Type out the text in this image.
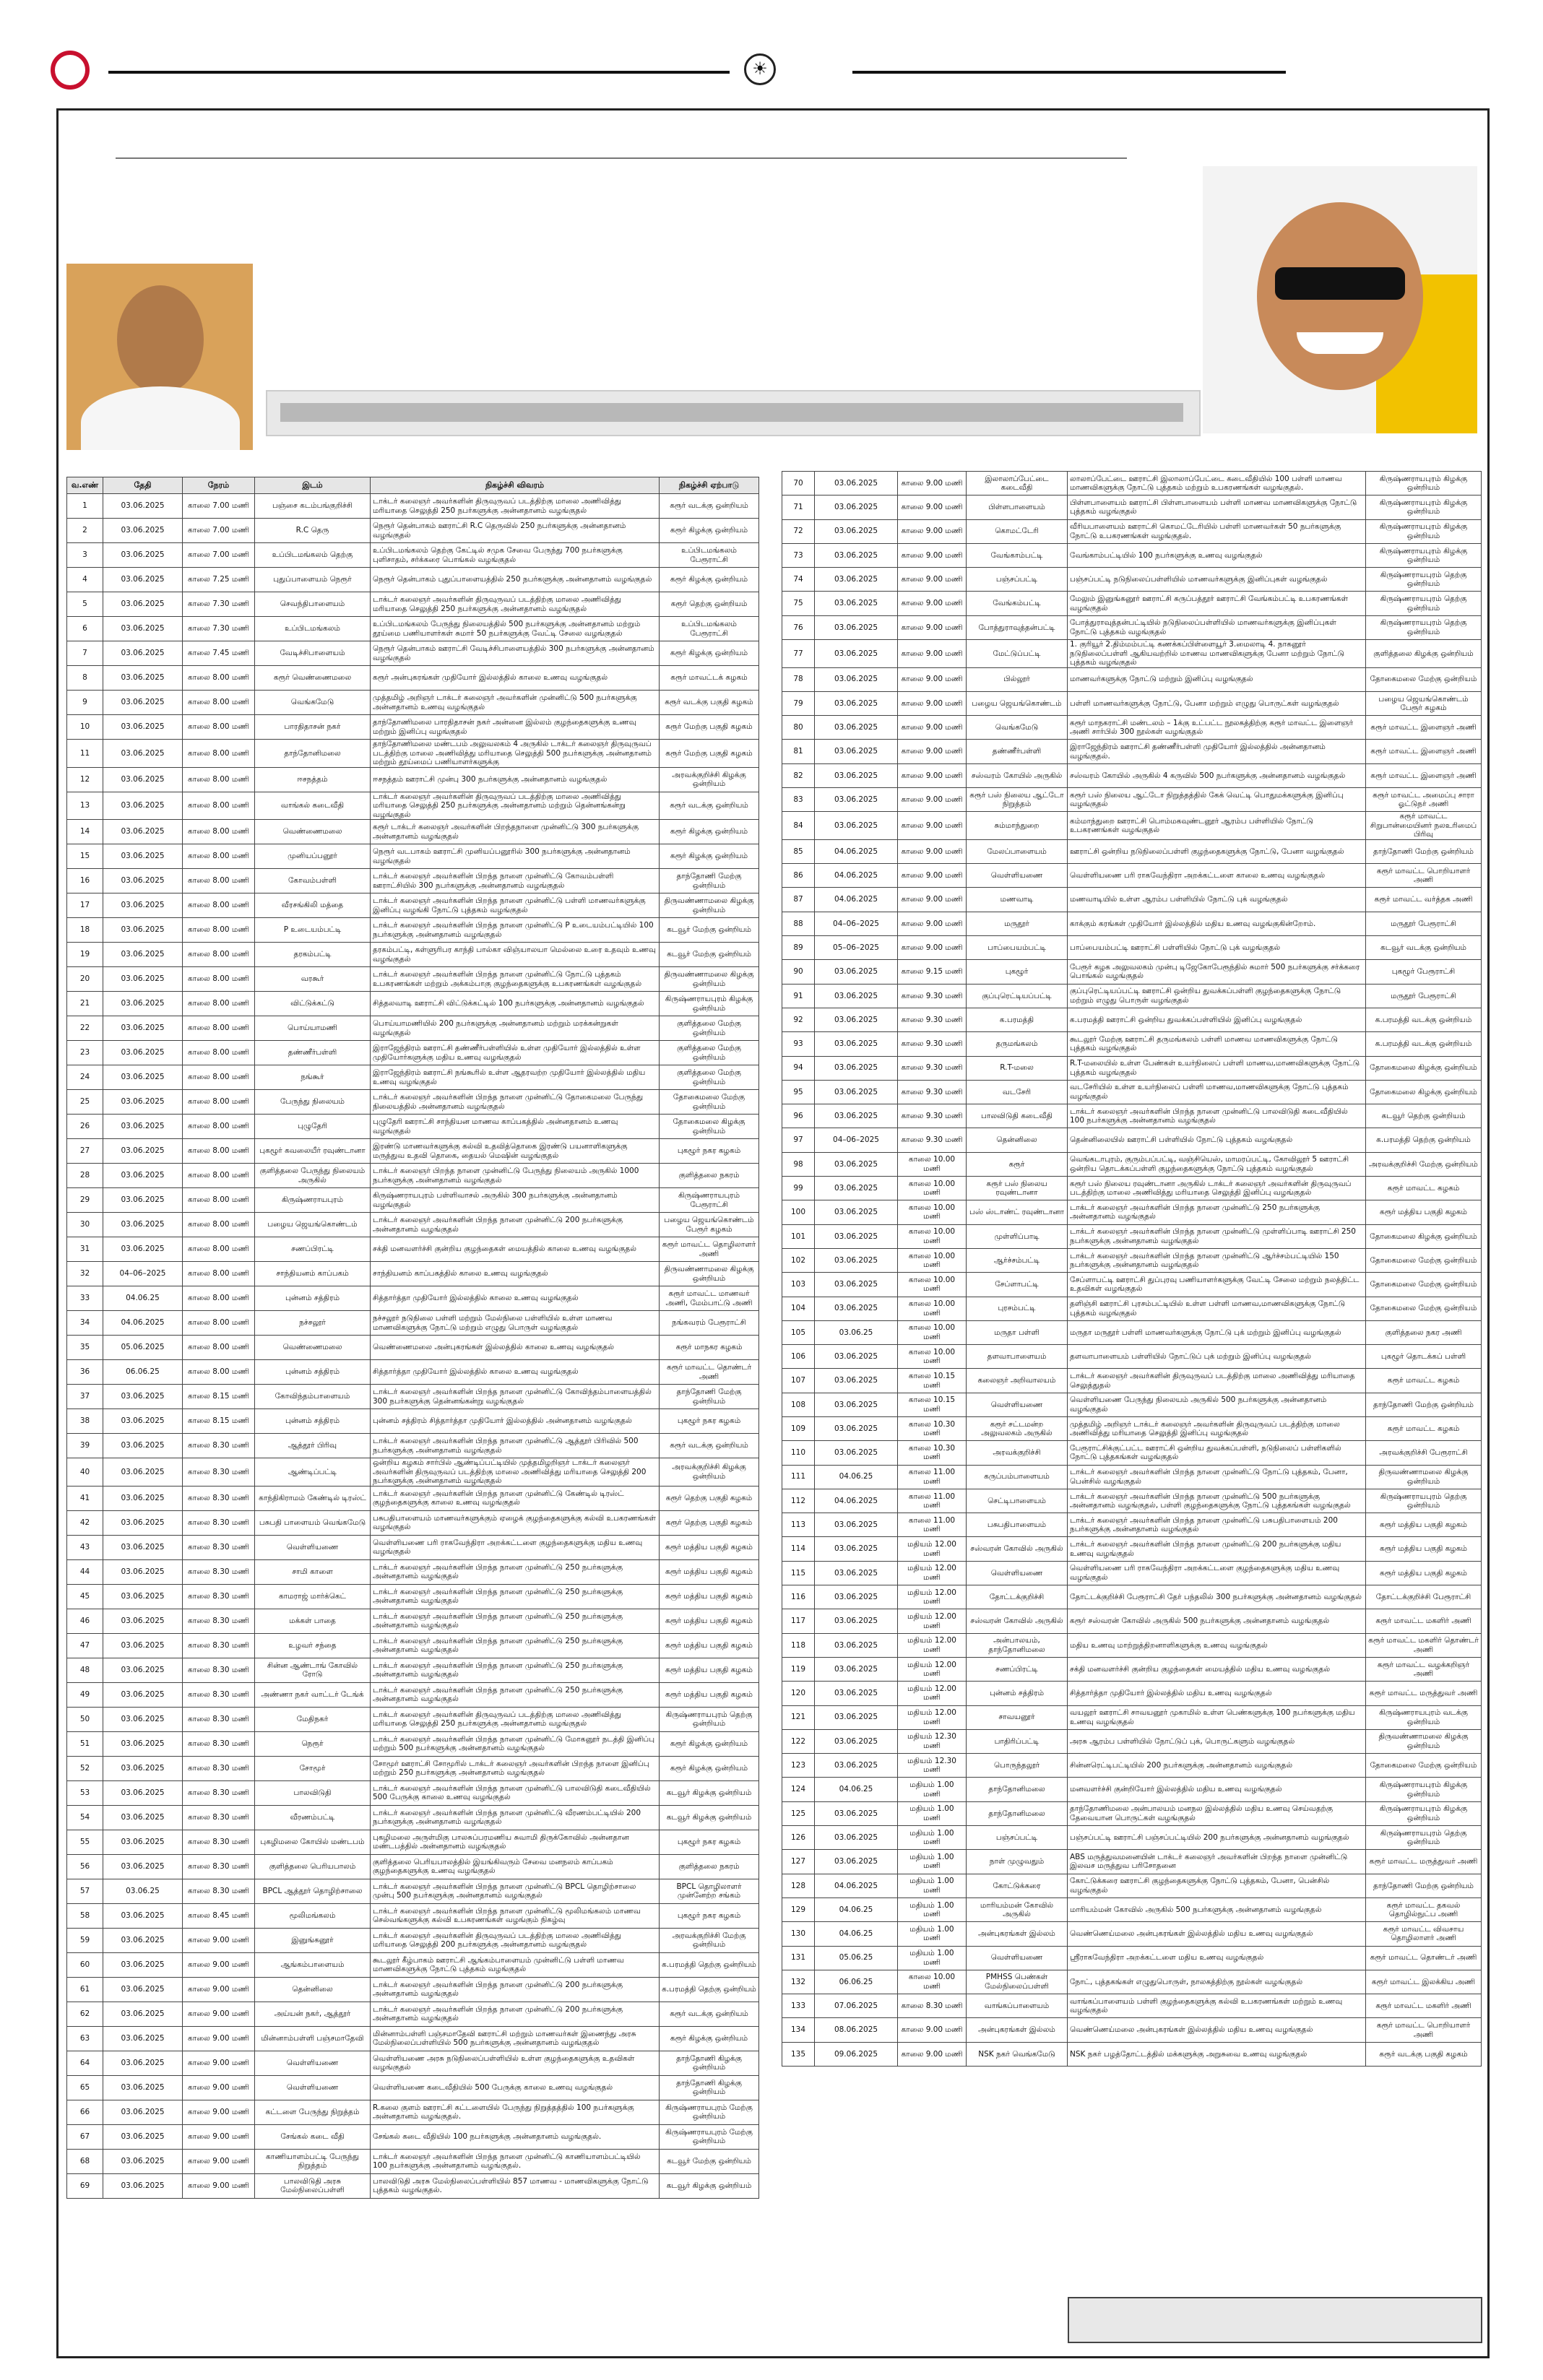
☀
வ.எண்	தேதி	நேரம்	இடம்	நிகழ்ச்சி விவரம்	நிகழ்ச்சி ஏற்பாடு
1	03.06.2025	காலை 7.00 மணி	பஞ்சை கடம்பங்குறிச்சி	டாக்டர் கலைஞர் அவர்களின் திருவுருவப் படத்திற்கு மாலை அணிவித்து மரியாதை செலுத்தி 250 நபர்களுக்கு அன்னதானம் வழங்குதல்	கரூர் வடக்கு ஒன்றியம்
2	03.06.2025	காலை 7.00 மணி	R.C தெரு	நெரூர் தென்பாகம் ஊராட்சி R.C தெருவில் 250 நபர்களுக்கு அன்னதானம் வழங்குதல்	கரூர் கிழக்கு ஒன்றியம்
3	03.06.2025	காலை 7.00 மணி	உப்பிடமங்கலம் தெற்கு	உப்பிடமங்கலம் தெற்கு கேட்டில் சமுக சேவை பேருந்து 700 நபர்களுக்கு புளிசாதம், சர்க்கரை பொங்கல் வழங்குதல்	உப்பிடமங்கலம் பேரூராட்சி
4	03.06.2025	காலை 7.25 மணி	புதுப்பாளையம் நெரூர்	நெரூர் தென்பாகம் புதுப்பாளையத்தில் 250 நபர்களுக்கு அன்னதானம் வழங்குதல்	கரூர் கிழக்கு ஒன்றியம்
5	03.06.2025	காலை 7.30 மணி	செவந்திபாளையம்	டாக்டர் கலைஞர் அவர்களின் திருவுருவப் படத்திற்கு மாலை அணிவித்து மரியாதை செலுத்தி 250 நபர்களுக்கு அன்னதானம் வழங்குதல்	கரூர் தெற்கு ஒன்றியம்
6	03.06.2025	காலை 7.30 மணி	உப்பிடமங்கலம்	உப்பிடமங்கலம் பேருந்து நிலையத்தில் 500 நபர்களுக்கு அன்னதானம் மற்றும் தூய்மை பணியாளர்கள் சுமார் 50 நபர்களுக்கு வேட்டி சேலை வழங்குதல்	உப்பிடமங்கலம் பேரூராட்சி
7	03.06.2025	காலை 7.45 மணி	வேடிச்சிபாளையம்	நெரூர் தென்பாகம் ஊராட்சி வேடிச்சிபாளையத்தில் 300 நபர்களுக்கு அன்னதானம் வழங்குதல்	கரூர் கிழக்கு ஒன்றியம்
8	03.06.2025	காலை 8.00 மணி	கரூர் வெண்ணைமலை	கரூர் அன்புகரங்கள் முதியோர் இல்லத்தில் காலை உணவு வழங்குதல்	கரூர் மாவட்டக் கழகம்
9	03.06.2025	காலை 8.00 மணி	வெங்கமேடு	முத்தமிழ் அறிஞர் டாக்டர் கலைஞர் அவர்களின் முன்னிட்டு 500 நபர்களுக்கு அன்னதானம் உணவு வழங்குதல்	கரூர் வடக்கு பகுதி கழகம்
10	03.06.2025	காலை 8.00 மணி	பாரதிதாசன் நகர்	தாந்தோணிமலை பாரதிதாசன் நகர் அன்னை இல்லம் குழந்தைகளுக்கு உணவு மற்றும் இனிப்பு வழங்குதல்	கரூர் மேற்கு பகுதி கழகம்
11	03.06.2025	காலை 8.00 மணி	தாந்தோனிமலை	தாந்தோணிமலை மண்டபம் அலுவலகம் 4 அருகில் டாக்டர் கலைஞர் திருவுருவப் படத்திற்கு மாலை அணிவித்து மரியாதை செலுத்தி 500 நபர்களுக்கு அன்னதானம் மற்றும் தூய்மைப் பணியாளர்களுக்கு	கரூர் மேற்கு பகுதி கழகம்
12	03.06.2025	காலை 8.00 மணி	ஈசநத்தம்	ஈசநத்தம் ஊராட்சி முன்பு 300 நபர்களுக்கு அன்னதானம் வழங்குதல்	அரவக்குறிச்சி கிழக்கு ஒன்றியம்
13	03.06.2025	காலை 8.00 மணி	வாங்கல் கடைவீதி	டாக்டர் கலைஞர் அவர்களின் திருவுருவப் படத்திற்கு மாலை அணிவித்து மரியாதை செலுத்தி 250 நபர்களுக்கு அன்னதானம் மற்றும் தென்னங்கன்று வழங்குதல்	கரூர் வடக்கு ஒன்றியம்
14	03.06.2025	காலை 8.00 மணி	வெண்ணைமலை	கரூர் டாக்டர் கலைஞர் அவர்களின் பிறந்தநாளை முன்னிட்டு 300 நபர்களுக்கு அன்னதானம் வழங்குதல்	கரூர் கிழக்கு ஒன்றியம்
15	03.06.2025	காலை 8.00 மணி	முனியப்பனூர்	நெரூர் வடபாகம் ஊராட்சி முனியப்பனூரில் 300 நபர்களுக்கு அன்னதானம் வழங்குதல்	கரூர் கிழக்கு ஒன்றியம்
16	03.06.2025	காலை 8.00 மணி	கோவம்பள்ளி	டாக்டர் கலைஞர் அவர்களின் பிறந்த நாளை முன்னிட்டு கோவம்பள்ளி ஊராட்சியில் 300 நபர்களுக்கு அன்னதானம் வழங்குதல்	தாந்தோணி மேற்கு ஒன்றியம்
17	03.06.2025	காலை 8.00 மணி	வீரசங்கிலி மத்தை	டாக்டர் கலைஞர் அவர்களின் பிறந்த நாளை முன்னிட்டு பள்ளி மாணவர்களுக்கு இனிப்பு வழங்கி நோட்டு புத்தகம் வழங்குதல்	திருவண்ணாமலை கிழக்கு ஒன்றியம்
18	03.06.2025	காலை 8.00 மணி	P உடையம்பட்டி	டாக்டர் கலைஞர் அவர்களின் பிறந்த நாளை முன்னிட்டு P உடையம்பட்டியில் 100 நபர்களுக்கு அன்னதானம் வழங்குதல்	கடவூர் மேற்கு ஒன்றியம்
19	03.06.2025	காலை 8.00 மணி	தரகம்பட்டி	தரகம்பட்டி, கள்ளுரிபர காந்தி பால்கா விஞ்யாலயா மெல்லை உரை உதவும் உணவு வழங்குதல்	கடவூர் மேற்கு ஒன்றியம்
20	03.06.2025	காலை 8.00 மணி	வரகூர்	டாக்டர் கலைஞர் அவர்களின் பிறந்த நாளை முன்னிட்டு நோட்டு புத்தகம் உபகரணங்கள் மற்றும் அக்கம்பாகு குழந்தைகளுக்கு உபகரணங்கள் வழங்குதல்	திருவண்ணாமலை கிழக்கு ஒன்றியம்
21	03.06.2025	காலை 8.00 மணி	விட்டுக்கட்டு	சித்தலவாடி ஊராட்சி விட்டுக்கட்டில் 100 நபர்களுக்கு அன்னதானம் வழங்குதல்	கிருஷ்ணராயபுரம் கிழக்கு ஒன்றியம்
22	03.06.2025	காலை 8.00 மணி	பொய்யாமணி	பொய்யாமணியில் 200 நபர்களுக்கு அன்னதானம் மற்றும் மரக்கன்றுகள் வழங்குதல்	குளித்தலை மேற்கு ஒன்றியம்
23	03.06.2025	காலை 8.00 மணி	தண்ணீர்பள்ளி	இராஜேந்திரம் ஊராட்சி தண்ணீர்பள்ளியில் உள்ள முதியோர் இல்லத்தில் உள்ள முதியோர்களுக்கு மதிய உணவு வழங்குதல்	குளித்தலை மேற்கு ஒன்றியம்
24	03.06.2025	காலை 8.00 மணி	நங்கூர்	இராஜேந்திரம் ஊராட்சி நங்கூரில் உள்ள ஆதரவற்ற முதியோர் இல்லத்தில் மதிய உணவு வழங்குதல்	குளித்தலை மேற்கு ஒன்றியம்
25	03.06.2025	காலை 8.00 மணி	பேருந்து நிலையம்	டாக்டர் கலைஞர் அவர்களின் பிறந்த நாளை முன்னிட்டு தோகைமலை பேருந்து நிலையத்தில் அன்னதானம் வழங்குதல்	தோகைமலை மேற்கு ஒன்றியம்
26	03.06.2025	காலை 8.00 மணி	புழுதேரி	புழுதேரி ஊராட்சி சாந்தியன மாணவ காப்பகத்தில் அன்னதானம் உணவு வழங்குதல்	தோகைமலை கிழக்கு ஒன்றியம்
27	03.06.2025	காலை 8.00 மணி	புகழூர் கவலையீர் ரவுண்டானா	இரண்டு மாணவர்களுக்கு கல்வி உதவித்தொகை இரண்டு பயனாளிகளுக்கு மருத்துவ உதவி தொகை, தையல் மெஷின் வழங்குதல்	புகழூர் நகர கழகம்
28	03.06.2025	காலை 8.00 மணி	குளித்தலை பேருந்து நிலையம் அருகில்	டாக்டர் கலைஞர் பிறந்த நாளை முன்னிட்டு பேருந்து நிலையம் அருகில் 1000 நபர்களுக்கு அன்னதானம் வழங்குதல்	குளித்தலை நகரம்
29	03.06.2025	காலை 8.00 மணி	கிருஷ்ணராயபுரம்	கிருஷ்ணராயபுரம் பள்ளிவாசல் அருகில் 300 நபர்களுக்கு அன்னதானம் வழங்குதல்	கிருஷ்ணராயபுரம் பேரூராட்சி
30	03.06.2025	காலை 8.00 மணி	பழைய ஜெயங்கொண்டம்	டாக்டர் கலைஞர் அவர்களின் பிறந்த நாளை முன்னிட்டு 200 நபர்களுக்கு அன்னதானம் வழங்குதல்	பழைய ஜெயங்கொண்டம் பேரூர் கழகம்
31	03.06.2025	காலை 8.00 மணி	சணப்பிரட்டி	சக்தி மனவளர்ச்சி குன்றிய குழந்தைகள் மையத்தில் காலை உணவு வழங்குதல்	கரூர் மாவட்ட தொழிலாளர் அணி
32	04–06–2025	காலை 8.00 மணி	சாந்தியனம் காப்பகம்	சாந்தியனம் காப்பகத்தில் காலை உணவு வழங்குதல்	திருவண்ணாமலை கிழக்கு ஒன்றியம்
33	04.06.25	காலை 8.00 மணி	புன்னம் சத்திரம்	சித்தார்த்தா முதியோர் இல்லத்தில் காலை உணவு வழங்குதல்	கரூர் மாவட்ட மாணவர் அணி, மேம்பாட்டு அணி
34	04.06.2025	காலை 8.00 மணி	நச்சலூர்	நச்சலூர் நடுநிலை பள்ளி மற்றும் மேல்நிலை பள்ளியில் உள்ள மாணவ மாணவிகளுக்கு நோட்டு மற்றும் எழுது பொருள் வழங்குதல்	நங்கவரம் பேரூராட்சி
35	05.06.2025	காலை 8.00 மணி	வெண்ணைமலை	வெண்ணைமலை அன்புகரங்கள் இல்லத்தில் காலை உணவு வழங்குதல்	கரூர் மாநகர கழகம்
36	06.06.25	காலை 8.00 மணி	புன்னம் சத்திரம்	சித்தார்த்தா முதியோர் இல்லத்தில் காலை உணவு வழங்குதல்	கரூர் மாவட்ட தொண்டர் அணி
37	03.06.2025	காலை 8.15 மணி	கோவிந்தம்பாளையம்	டாக்டர் கலைஞர் அவர்களின் பிறந்த நாளை முன்னிட்டு கோவிந்தம்பாளையத்தில் 300 நபர்களுக்கு தென்னங்கன்று வழங்குதல்	தாந்தோணி மேற்கு ஒன்றியம்
38	03.06.2025	காலை 8.15 மணி	புன்னம் சத்திரம்	புன்னம் சத்திரம் சித்தார்த்தா முதியோர் இல்லத்தில் அன்னதானம் வழங்குதல்	புகழூர் நகர கழகம்
39	03.06.2025	காலை 8.30 மணி	ஆத்தூர் பிரிவு	டாக்டர் கலைஞர் அவர்களின் பிறந்த நாளை முன்னிட்டு ஆத்தூர் பிரிவில் 500 நபர்களுக்கு அன்னதானம் வழங்குதல்	கரூர் வடக்கு ஒன்றியம்
40	03.06.2025	காலை 8.30 மணி	ஆண்டிப்பட்டி	ஒன்றிய கழகம் சார்பில் ஆண்டிப்பட்டியில் முத்தமிழறிஞர் டாக்டர் கலைஞர் அவர்களின் திருவுருவப் படத்திற்கு மாலை அணிவித்து மரியாதை செலுத்தி 200 நபர்களுக்கு அன்னதானம் வழங்குதல்	அரவக்குறிச்சி கிழக்கு ஒன்றியம்
41	03.06.2025	காலை 8.30 மணி	காந்திகிராமம் கேண்டில் டிரஸ்ட்	டாக்டர் கலைஞர் அவர்களின் பிறந்த நாளை முன்னிட்டு கேண்டில் டிரஸ்ட் குழந்தைகளுக்கு காலை உணவு வழங்குதல்	கரூர் தெற்கு பகுதி கழகம்
42	03.06.2025	காலை 8.30 மணி	பசுபதி பாளையம் வெங்கமேடு	பசுபதிபாளையம் மாணவர்களுக்கும் ஏழைக் குழந்தைகளுக்கு கல்வி உபகரணங்கள் வழங்குதல்	கரூர் தெற்கு பகுதி கழகம்
43	03.06.2025	காலை 8.30 மணி	வெள்ளியணை	வெள்ளியணை பரி ராகவேந்திரா அறக்கட்டளை குழந்தைகளுக்கு மதிய உணவு வழங்குதல்	கரூர் மத்திய பகுதி கழகம்
44	03.06.2025	காலை 8.30 மணி	சாமி காளை	டாக்டர் கலைஞர் அவர்களின் பிறந்த நாளை முன்னிட்டு 250 நபர்களுக்கு அன்னதானம் வழங்குதல்	கரூர் மத்திய பகுதி கழகம்
45	03.06.2025	காலை 8.30 மணி	காமராஜ் மார்க்கெட்	டாக்டர் கலைஞர் அவர்களின் பிறந்த நாளை முன்னிட்டு 250 நபர்களுக்கு அன்னதானம் வழங்குதல்	கரூர் மத்திய பகுதி கழகம்
46	03.06.2025	காலை 8.30 மணி	மக்கள் பாதை	டாக்டர் கலைஞர் அவர்களின் பிறந்த நாளை முன்னிட்டு 250 நபர்களுக்கு அன்னதானம் வழங்குதல்	கரூர் மத்திய பகுதி கழகம்
47	03.06.2025	காலை 8.30 மணி	உழவர் சந்தை	டாக்டர் கலைஞர் அவர்களின் பிறந்த நாளை முன்னிட்டு 250 நபர்களுக்கு அன்னதானம் வழங்குதல்	கரூர் மத்திய பகுதி கழகம்
48	03.06.2025	காலை 8.30 மணி	சின்ன ஆண்டாங் கோவில் ரோடு	டாக்டர் கலைஞர் அவர்களின் பிறந்த நாளை முன்னிட்டு 250 நபர்களுக்கு அன்னதானம் வழங்குதல்	கரூர் மத்திய பகுதி கழகம்
49	03.06.2025	காலை 8.30 மணி	அண்ணா நகர் வாட்டர் டேங்க்	டாக்டர் கலைஞர் அவர்களின் பிறந்த நாளை முன்னிட்டு 250 நபர்களுக்கு அன்னதானம் வழங்குதல்	கரூர் மத்திய பகுதி கழகம்
50	03.06.2025	காலை 8.30 மணி	மேதிநகர்	டாக்டர் கலைஞர் அவர்களின் திருவுருவப் படத்திற்கு மாலை அணிவித்து மரியாதை செலுத்தி 250 நபர்களுக்கு அன்னதானம் வழங்குதல்	கிருஷ்ணராயபுரம் தெற்கு ஒன்றியம்
51	03.06.2025	காலை 8.30 மணி	நெரூர்	டாக்டர் கலைஞர் அவர்களின் பிறந்த நாளை முன்னிட்டு மோகனூர் நடத்தி இனிப்பு மற்றும் 500 நபர்களுக்கு அன்னதானம் வழங்குதல்	கரூர் கிழக்கு ஒன்றியம்
52	03.06.2025	காலை 8.30 மணி	சோமூர்	சோமூர் ஊராட்சி சோமூரில் டாக்டர் கலைஞர் அவர்களின் பிறந்த நாளை இனிப்பு மற்றும் 250 நபர்களுக்கு அன்னதானம் வழங்குதல்	கரூர் கிழக்கு ஒன்றியம்
53	03.06.2025	காலை 8.30 மணி	பாலவிடுதி	டாக்டர் கலைஞர் அவர்களின் பிறந்த நாளை முன்னிட்டு பாலவிடுதி கடைவீதியில் 500 பேருக்கு காலை உணவு வழங்குதல்	கடவூர் கிழக்கு ஒன்றியம்
54	03.06.2025	காலை 8.30 மணி	வீரணம்பட்டி	டாக்டர் கலைஞர் அவர்களின் பிறந்த நாளை முன்னிட்டு வீரணம்பட்டியில் 200 நபர்களுக்கு அன்னதானம் வழங்குதல்	கடவூர் கிழக்கு ஒன்றியம்
55	03.06.2025	காலை 8.30 மணி	புகழிமலை கோயில் மண்டபம்	புகழிமலை அருள்மிகு பாலசுப்பரமணிய சுவாமி திருக்கோவில் அன்னதான மண்டபத்தில் அன்னதானம் வழங்குதல்	புகழூர் நகர கழகம்
56	03.06.2025	காலை 8.30 மணி	குளித்தலை பெரியபாலம்	குளித்தலை பெரியபாலத்தில் இயங்கிவரும் சேவை மனநலம் காப்பகம் குழந்தைகளுக்கு உணவு வழங்குதல்	குளித்தலை நகரம்
57	03.06.25	காலை 8.30 மணி	BPCL ஆத்தூர் தொழிற்சாலை	டாக்டர் கலைஞர் அவர்களின் பிறந்த நாளை முன்னிட்டு BPCL தொழிற்சாலை முன்பு 500 நபர்களுக்கு அன்னதானம் வழங்குதல்	BPCL தொழிலாளர் முன்னேற்ற சங்கம்
58	03.06.2025	காலை 8.45 மணி	மூலிமங்கலம்	டாக்டர் கலைஞர் அவர்களின் பிறந்த நாளை முன்னிட்டு மூலிமங்கலம் மாணவ செல்வங்களுக்கு கல்வி உபகரணங்கள் வழங்கும் நிகழ்வு	புகழூர் நகர கழகம்
59	03.06.2025	காலை 9.00 மணி	இனுங்கனூர்	டாக்டர் கலைஞர் அவர்களின் திருவுருவப் படத்திற்கு மாலை அணிவித்து மரியாதை செலுத்தி 200 நபர்களுக்கு அன்னதானம் வழங்குதல்	அரவக்குறிச்சி மேற்கு ஒன்றியம்
60	03.06.2025	காலை 9.00 மணி	ஆங்கம்பாளையம்	கூடலூர் கீழ்பாகம் ஊராட்சி ஆங்கம்பாளையம் முன்னிட்டு பள்ளி மாணவ மாணவிகளுக்கு நோட்டு புத்தகம் வழங்குதல்	க.பரமத்தி தெற்கு ஒன்றியம்
61	03.06.2025	காலை 9.00 மணி	தென்னிலை	டாக்டர் கலைஞர் அவர்களின் பிறந்த நாளை முன்னிட்டு 200 நபர்களுக்கு அன்னதானம் வழங்குதல்	க.பரமத்தி தெற்கு ஒன்றியம்
62	03.06.2025	காலை 9.00 மணி	அய்யன் நகர், ஆத்தூர்	டாக்டர் கலைஞர் அவர்களின் பிறந்த நாளை முன்னிட்டு 200 நபர்களுக்கு அன்னதானம் வழங்குதல்	கரூர் வடக்கு ஒன்றியம்
63	03.06.2025	காலை 9.00 மணி	மின்னாம்பள்ளி பஞ்சமாதேவி	மின்னாம்பள்ளி பஞ்சமாதேவி ஊராட்சி மற்றும் மாணவர்கள் இணைந்து அரசு மேல்நிலைப்பள்ளியில் 500 நபர்களுக்கு அன்னதானம் வழங்குதல்	கரூர் கிழக்கு ஒன்றியம்
64	03.06.2025	காலை 9.00 மணி	வெள்ளியணை	வெள்ளியணை அரசு நடுநிலைப்பள்ளியில் உள்ள குழந்தைகளுக்கு உதவிகள் வழங்குதல்	தாந்தோணி கிழக்கு ஒன்றியம்
65	03.06.2025	காலை 9.00 மணி	வெள்ளியணை	வெள்ளியணை கடைவீதியில் 500 பேருக்கு காலை உணவு வழங்குதல்	தாந்தோணி கிழக்கு ஒன்றியம்
66	03.06.2025	காலை 9.00 மணி	கட்டளை பேருந்து நிறுத்தம்	R.கலை குளம் ஊராட்சி கட்டளையில் பேருந்து நிறுத்தத்தில் 100 நபர்களுக்கு அன்னதானம் வழங்குதல்.	கிருஷ்ணராயபுரம் மேற்கு ஒன்றியம்
67	03.06.2025	காலை 9.00 மணி	சேங்கல் கடை வீதி	சேங்கல் கடை வீதியில் 100 நபர்களுக்கு அன்னதானம் வழங்குதல்.	கிருஷ்ணராயபுரம் மேற்கு ஒன்றியம்
68	03.06.2025	காலை 9.00 மணி	காணியாளம்பட்டி பேருந்து நிறுத்தம்	டாக்டர் கலைஞர் அவர்களின் பிறந்த நாளை முன்னிட்டு காணியாளம்பட்டியில் 100 நபர்களுக்கு அன்னதானம் வழங்குதல்.	கடவூர் மேற்கு ஒன்றியம்
69	03.06.2025	காலை 9.00 மணி	பாலவிடுதி அரசு மேல்நிலைப்பள்ளி	பாலவிடுதி அரசு மேல்நிலைப்பள்ளியில் 857 மாணவ - மாணவிகளுக்கு நோட்டு புத்தகம் வழங்குதல்.	கடவூர் கிழக்கு ஒன்றியம்
70	03.06.2025	காலை 9.00 மணி	இலாலாப்பேட்டை கடைவீதி	லாலாப்பேட்டை ஊராட்சி இலாலாப்பேட்டை கடைவீதியில் 100 பள்ளி மாணவ மாணவிகளுக்கு நோட்டு புத்தகம் மற்றும் உபகரணங்கள் வழங்குதல்.	கிருஷ்ணராயபுரம் கிழக்கு ஒன்றியம்
71	03.06.2025	காலை 9.00 மணி	பிள்ளபாளையம்	பிள்ளபாளையம் ஊராட்சி பிள்ளபாளையம் பள்ளி மாணவ மாணவிகளுக்கு நோட்டு புத்தகம் வழங்குதல்	கிருஷ்ணராயபுரம் கிழக்கு ஒன்றியம்
72	03.06.2025	காலை 9.00 மணி	கொமட்டேரி	வீரியபாளையம் ஊராட்சி கொமட்டேரியில் பள்ளி மாணவர்கள் 50 நபர்களுக்கு நோட்டு உபகரணங்கள் வழங்குதல்.	கிருஷ்ணராயபுரம் கிழக்கு ஒன்றியம்
73	03.06.2025	காலை 9.00 மணி	வேங்காம்பட்டி	வேங்காம்பட்டியில் 100 நபர்களுக்கு உணவு வழங்குதல்	கிருஷ்ணராயபுரம் கிழக்கு ஒன்றியம்
74	03.06.2025	காலை 9.00 மணி	பஞ்சப்பட்டி	பஞ்சப்பட்டி நடுநிலைப்பள்ளியில் மாணவர்களுக்கு இனிப்புகள் வழங்குதல்	கிருஷ்ணராயபுரம் தெற்கு ஒன்றியம்
75	03.06.2025	காலை 9.00 மணி	வேங்கம்பட்டி	மேலும் இனுங்கனூர் ஊராட்சி கருப்பத்தூர் ஊராட்சி வேங்கம்பட்டி உபகரணங்கள் வழங்குதல்	கிருஷ்ணராயபுரம் தெற்கு ஒன்றியம்
76	03.06.2025	காலை 9.00 மணி	போத்துராவுத்தன்பட்டி	போத்துராவுத்தன்பட்டியில் நடுநிலைப்பள்ளியில் மாணவர்களுக்கு இனிப்புகள் நோட்டு புத்தகம் வழங்குதல்	கிருஷ்ணராயபுரம் தெற்கு ஒன்றியம்
77	03.06.2025	காலை 9.00 மணி	மேட்டுப்பட்டி	1. குரியூர் 2.திம்மம்பட்டி கணக்கப்பிள்ளையூர் 3.மைலாடி 4. நாகனூர் நடுநிலைப்பள்ளி ஆகியவற்றில் மாணவ மாணவிகளுக்கு பேனா மற்றும் நோட்டு புத்தகம் வழங்குதல்	குளித்தலை கிழக்கு ஒன்றியம்
78	03.06.2025	காலை 9.00 மணி	பில்லூர்	மாணவர்களுக்கு நோட்டு மற்றும் இனிப்பு வழங்குதல்	தோகைமலை மேற்கு ஒன்றியம்
79	03.06.2025	காலை 9.00 மணி	பழைய ஜெயங்கொண்டம்	பள்ளி மாணவர்களுக்கு நோட்டு, பேனா மற்றும் எழுது பொருட்கள் வழங்குதல்	பழைய ஜெயங்கொண்டம் பேரூர் கழகம்
80	03.06.2025	காலை 9.00 மணி	வெங்கமேடு	கரூர் மாநகராட்சி மண்டலம் – 1க்கு உட்பட்ட நூலகத்திற்கு கரூர் மாவட்ட இளைஞர் அணி சார்பில் 300 நூல்கள் வழங்குதல்	கரூர் மாவட்ட இளைஞர் அணி
81	03.06.2025	காலை 9.00 மணி	தண்ணீர்பள்ளி	இராஜேந்திரம் ஊராட்சி தண்ணீர்பள்ளி முதியோர் இல்லத்தில் அன்னதானம் வழங்குதல்.	கரூர் மாவட்ட இளைஞர் அணி
82	03.06.2025	காலை 9.00 மணி	சஸ்வரம் கோயில் அருகில்	சஸ்வரம் கோயில் அருகில் 4 கருவில் 500 நபர்களுக்கு அன்னதானம் வழங்குதல்	கரூர் மாவட்ட இளைஞர் அணி
83	03.06.2025	காலை 9.00 மணி	கரூர் பஸ் நிலைய ஆட்டோ நிறுத்தம்	கரூர் பஸ் நிலைய ஆட்டோ நிறுத்தத்தில் கேக் வெட்டி பொதுமக்களுக்கு இனிப்பு வழங்குதல்	கரூர் மாவட்ட அமைப்பு சாரா ஓட்டுநர் அணி
84	03.06.2025	காலை 9.00 மணி	சும்மாந்துறை	கம்மாந்துறை ஊராட்சி பொம்மகவுண்டனூர் ஆரம்ப பள்ளியில் நோட்டு உபகரணங்கள் வழங்குதல்	கரூர் மாவட்ட சிறுபான்மையினர் நலஉரிமைப் பிரிவு
85	04.06.2025	காலை 9.00 மணி	மேலப்பாளையம்	ஊராட்சி ஒன்றிய நடுநிலைப்பள்ளி குழந்தைகளுக்கு நோட்டு, பேனா வழங்குதல்	தாந்தோணி மேற்கு ஒன்றியம்
86	04.06.2025	காலை 9.00 மணி	வெள்ளியணை	வெள்ளியணை பரி ராகவேந்திரா அறக்கட்டளை காலை உணவு வழங்குதல்	கரூர் மாவட்ட பொறியாளர் அணி
87	04.06.2025	காலை 9.00 மணி	மணவாடி	மணவாடியில் உள்ள ஆரம்ப பள்ளியில் நோட்டு புக் வழங்குதல்	கரூர் மாவட்ட வர்த்தக அணி
88	04–06–2025	காலை 9.00 மணி	மருதூர்	காக்கும் கரங்கள் முதியோர் இல்லத்தில் மதிய உணவு வழங்குகின்றோம்.	மருதூர் பேரூராட்சி
89	05–06–2025	காலை 9.00 மணி	பாப்பையம்பட்டி	பாப்பையம்பட்டி ஊராட்சி பள்ளியில் நோட்டு புக் வழங்குதல்	கடவூர் வடக்கு ஒன்றியம்
90	03.06.2025	காலை 9.15 மணி	புகழூர்	பேரூர் கழக அலுவலகம் முன்பு டிஜேகோபேரூந்தில் சுமார் 500 நபர்களுக்கு சர்க்கரை பொங்கல் வழங்குதல்	புகழூர் பேரூராட்சி
91	03.06.2025	காலை 9.30 மணி	குப்புரெட்டியப்பட்டி	குப்புரெட்டியப்பட்டி ஊராட்சி ஒன்றிய துவக்கப்பள்ளி குழந்தைகளுக்கு நோட்டு மற்றும் எழுது பொருள் வழங்குதல்	மருதூர் பேரூராட்சி
92	03.06.2025	காலை 9.30 மணி	க.பரமத்தி	க.பரமத்தி ஊராட்சி ஒன்றிய துவக்கப்பள்ளியில் இனிப்பு வழங்குதல்	க.பரமத்தி வடக்கு ஒன்றியம்
93	03.06.2025	காலை 9.30 மணி	தருமங்கலம்	கூடலூர் மேற்கு ஊராட்சி தருமங்கலம் பள்ளி மாணவ மாணவிகளுக்கு நோட்டு புத்தகம் வழங்குதல்	க.பரமத்தி வடக்கு ஒன்றியம்
94	03.06.2025	காலை 9.30 மணி	R.T-மலை	R.T-மலையில் உள்ள பேண்கள் உயர்நிலைப் பள்ளி மாணவ,மாணவிகளுக்கு நோட்டு புத்தகம் வழங்குதல்	தோகைமலை கிழக்கு ஒன்றியம்
95	03.06.2025	காலை 9.30 மணி	வடசேரி	வடசேரியில் உள்ள உயர்நிலைப் பள்ளி மாணவ,மாணவிகளுக்கு நோட்டு புத்தகம் வழங்குதல்	தோகைமலை கிழக்கு ஒன்றியம்
96	03.06.2025	காலை 9.30 மணி	பாலவிடுதி கடைவீதி	டாக்டர் கலைஞர் அவர்களின் பிறந்த நாளை முன்னிட்டு பாலவிடுதி கடைவீதியில் 100 நபர்களுக்கு அன்னதானம் வழங்குதல்	கடவூர் தெற்கு ஒன்றியம்
97	04–06–2025	காலை 9.30 மணி	தென்னிலை	தென்னிலையில் ஊராட்சி பள்ளியில் நோட்டு புத்தகம் வழங்குதல்	க.பரமத்தி தெற்கு ஒன்றியம்
98	03.06.2025	காலை 10.00 மணி	கரூர்	வெங்கடாபுரம், குரும்பப்பட்டி, வஞ்சியெஸ், மாமரப்பட்டி, கோவிலூர் 5 ஊராட்சி ஒன்றிய தொடக்கப்பள்ளி குழந்தைகளுக்கு நோட்டு புத்தகம் வழங்குதல்	அரவக்குறிச்சி மேற்கு ஒன்றியம்
99	03.06.2025	காலை 10.00 மணி	கரூர் பஸ் நிலைய ரவுண்டானா	கரூர் பஸ் நிலைய ரவுண்டானா அருகில் டாக்டர் கலைஞர் அவர்களின் திருவுருவப் படத்திற்கு மாலை அணிவித்து மரியாதை செலுத்தி இனிப்பு வழங்குதல்	கரூர் மாவட்ட கழகம்
100	03.06.2025	காலை 10.00 மணி	பஸ் ஸ்டாண்ட் ரவுண்டானா	டாக்டர் கலைஞர் அவர்களின் பிறந்த நாளை முன்னிட்டு 250 நபர்களுக்கு அன்னதானம் வழங்குதல்	கரூர் மத்திய பகுதி கழகம்
101	03.06.2025	காலை 10.00 மணி	முள்ளிப்பாடி	டாக்டர் கலைஞர் அவர்களின் பிறந்த நாளை முன்னிட்டு முள்ளிப்பாடி ஊராட்சி 250 நபர்களுக்கு அன்னதானம் வழங்குதல்	தோகைமலை கிழக்கு ஒன்றியம்
102	03.06.2025	காலை 10.00 மணி	ஆர்ச்சம்பட்டி	டாக்டர் கலைஞர் அவர்களின் பிறந்த நாளை முன்னிட்டு ஆர்ச்சம்பட்டியில் 150 நபர்களுக்கு அன்னதானம் வழங்குதல்	தோகைமலை மேற்கு ஒன்றியம்
103	03.06.2025	காலை 10.00 மணி	சேப்ளாபட்டி	சேப்ளாபட்டி ஊராட்சி துப்புரவு பணியாளர்களுக்கு வேட்டி சேலை மற்றும் நலத்திட்ட உதவிகள் வழங்குதல்	தோகைமலை மேற்கு ஒன்றியம்
104	03.06.2025	காலை 10.00 மணி	புரசம்பட்டி	தளிஞ்சி ஊராட்சி புரசம்பட்டியில் உள்ள பள்ளி மாணவ,மாணவிகளுக்கு நோட்டு புத்தகம் வழங்குதல்	தோகைமலை மேற்கு ஒன்றியம்
105	03.06.25	காலை 10.00 மணி	மருதா பள்ளி	மருதா மருதூர் பள்ளி மாணவர்களுக்கு நோட்டு புக் மற்றும் இனிப்பு வழங்குதல்	குளித்தலை நகர அணி
106	03.06.2025	காலை 10.00 மணி	தளவாபாளையம்	தளவாபாளையம் பள்ளியில் நோட்டுப் புக் மற்றும் இனிப்பு வழங்குதல்	புகழூர் தொடக்கப் பள்ளி
107	03.06.2025	காலை 10.15 மணி	கலைஞர் அறிவாலயம்	டாக்டர் கலைஞர் அவர்களின் திருவுருவப் படத்திற்கு மாலை அணிவித்து மரியாதை செலுத்துதல்	கரூர் மாவட்ட கழகம்
108	03.06.2025	காலை 10.15 மணி	வெள்ளியணை	வெள்ளியணை பேருந்து நிலையம் அருகில் 500 நபர்களுக்கு அன்னதானம் வழங்குதல்	தாந்தோணி மேற்கு ஒன்றியம்
109	03.06.2025	காலை 10.30 மணி	கரூர் சட்டமன்ற அலுவலகம் அருகில்	முத்தமிழ் அறிஞர் டாக்டர் கலைஞர் அவர்களின் திருவுருவப் படத்திற்கு மாலை அணிவித்து மரியாதை செலுத்தி இனிப்பு வழங்குதல்	கரூர் மாவட்ட கழகம்
110	03.06.2025	காலை 10.30 மணி	அரவக்குறிச்சி	பேரூராட்சிக்குட்பட்ட ஊராட்சி ஒன்றிய துவக்கப்பள்ளி, நடுநிலைப் பள்ளிகளில் நோட்டு புத்தகங்கள் வழங்குதல்	அரவக்குறிச்சி பேரூராட்சி
111	04.06.25	காலை 11.00 மணி	கருப்பம்பாளையம்	டாக்டர் கலைஞர் அவர்களின் பிறந்த நாளை முன்னிட்டு நோட்டு புத்தகம், பேனா, பென்சில் வழங்குதல்	திருவண்ணாமலை கிழக்கு ஒன்றியம்
112	04.06.2025	காலை 11.00 மணி	செட்டிபாளையம்	டாக்டர் கலைஞர் அவர்களின் பிறந்த நாளை முன்னிட்டு 500 நபர்களுக்கு அன்னதானம் வழங்குதல், பள்ளி குழந்தைகளுக்கு நோட்டு புத்தகங்கள் வழங்குதல்	கிருஷ்ணராயபுரம் தெற்கு ஒன்றியம்
113	03.06.2025	காலை 11.00 மணி	பசுபதிபாளையம்	டாக்டர் கலைஞர் அவர்களின் பிறந்த நாளை முன்னிட்டு பசுபதிபாளையம் 200 நபர்களுக்கு அன்னதானம் வழங்குதல்	கரூர் மத்திய பகுதி கழகம்
114	03.06.2025	மதியம் 12.00 மணி	சஸ்வரன் கோவில் அருகில்	டாக்டர் கலைஞர் அவர்களின் பிறந்த நாளை முன்னிட்டு 200 நபர்களுக்கு மதிய உணவு வழங்குதல்	கரூர் மத்திய பகுதி கழகம்
115	03.06.2025	மதியம் 12.00 மணி	வெள்ளியணை	வெள்ளியணை பரி ராகவேந்திரா அறக்கட்டளை குழந்தைகளுக்கு மதிய உணவு வழங்குதல்	கரூர் மத்திய பகுதி கழகம்
116	03.06.2025	மதியம் 12.00 மணி	தோட்டக்குறிச்சி	தோட்டக்குறிச்சி பேரூராட்சி தேர் பந்தலில் 300 நபர்களுக்கு அன்னதானம் வழங்குதல்	தோட்டக்குறிச்சி பேரூராட்சி
117	03.06.2025	மதியம் 12.00 மணி	சஸ்வரன் கோவில் அருகில்	கரூர் சஸ்வரன் கோவில் அருகில் 500 நபர்களுக்கு அன்னதானம் வழங்குதல்	கரூர் மாவட்ட மகளிர் அணி
118	03.06.2025	மதியம் 12.00 மணி	அன்பாலயம், தாந்தோனிமலை	மதிய உணவு மாற்றுத்திறனாளிகளுக்கு உணவு வழங்குதல்	கரூர் மாவட்ட மகளிர் தொண்டர் அணி
119	03.06.2025	மதியம் 12.00 மணி	சணப்பிரட்டி	சக்தி மனவளர்ச்சி குன்றிய குழந்தைகள் மையத்தில் மதிய உணவு வழங்குதல்	கரூர் மாவட்ட வழக்கறிஞர் அணி
120	03.06.2025	மதியம் 12.00 மணி	புன்னம் சத்திரம்	சித்தார்த்தா முதியோர் இல்லத்தில் மதிய உணவு வழங்குதல்	கரூர் மாவட்ட மருத்துவர் அணி
121	03.06.2025	மதியம் 12.00 மணி	சாவயனூர்	வயலூர் ஊராட்சி சாவயனூர் முகாமில் உள்ள பெண்களுக்கு 100 நபர்களுக்கு மதிய உணவு வழங்குதல்	கிருஷ்ணராயபுரம் வடக்கு ஒன்றியம்
122	03.06.2025	மதியம் 12.30 மணி	பாதிரிப்பட்டி	அரசு ஆரம்ப பள்ளியில் நோட்டுப் புக், பொருட்களும் வழங்குதல்	திருவண்ணாமலை கிழக்கு ஒன்றியம்
123	03.06.2025	மதியம் 12.30 மணி	பொருந்தலூர்	சின்னரெட்டிபட்டியில் 200 நபர்களுக்கு அன்னதானம் வழங்குதல்	தோகைமலை மேற்கு ஒன்றியம்
124	04.06.25	மதியம் 1.00 மணி	தாந்தோனிமலை	மனவளர்ச்சி குன்றியோர் இல்லத்தில் மதிய உணவு வழங்குதல்	கிருஷ்ணராயபுரம் கிழக்கு ஒன்றியம்
125	03.06.2025	மதியம் 1.00 மணி	தாந்தோனிமலை	தாந்தோணிமலை அன்பாலயம் மனநல இல்லத்தில் மதிய உணவு செய்வதற்கு தேவையான பொருட்கள் வழங்குதல்	கிருஷ்ணராயபுரம் கிழக்கு ஒன்றியம்
126	03.06.2025	மதியம் 1.00 மணி	பஞ்சப்பட்டி	பஞ்சப்பட்டி ஊராட்சி பஞ்சப்பட்டியில் 200 நபர்களுக்கு அன்னதானம் வழங்குதல்	கிருஷ்ணராயபுரம் தெற்கு ஒன்றியம்
127	03.06.2025	மதியம் 1.00 மணி	நாள் முழுவதும்	ABS மருத்துவமனையின் டாக்டர் கலைஞர் அவர்களின் பிறந்த நாளை முன்னிட்டு இலவச மருத்துவ பரிசோதனை	கரூர் மாவட்ட மருத்துவர் அணி
128	04.06.2025	மதியம் 1.00 மணி	கோட்டுக்கரை	கோட்டுக்கரை ஊராட்சி குழந்தைகளுக்கு நோட்டு புத்தகம், பேனா, பென்சில் வழங்குதல்	தாந்தோணி மேற்கு ஒன்றியம்
129	04.06.25	மதியம் 1.00 மணி	மாரியம்மன் கோவில் அருகில்	மாரியம்மன் கோவில் அருகில் 500 நபர்களுக்கு அன்னதானம் வழங்குதல்	கரூர் மாவட்ட தகவல் தொழில்நுட்ப அணி
130	04.06.25	மதியம் 1.00 மணி	அன்புகரங்கள் இல்லம்	வெண்ணெய்மலை அன்புகரங்கள் இல்லத்தில் மதிய உணவு வழங்குதல்	கரூர் மாவட்ட விவசாய தொழிலாளர் அணி
131	05.06.25	மதியம் 1.00 மணி	வெள்ளியணை	ஸ்ரீராகவேந்திரா அறக்கட்டளை மதிய உணவு வழங்குதல்	கரூர் மாவட்ட தொண்டர் அணி
132	06.06.25	காலை 10.00 மணி	PMHSS பெண்கள் மேல்நிலைப்பள்ளி	நோட், புத்தகங்கள் எழுதுபொருள், நாலகத்திற்கு நூல்கள் வழங்குதல்	கரூர் மாவட்ட இலக்கிய அணி
133	07.06.2025	காலை 8.30 மணி	வாங்கப்பாளையம்	வாங்கப்பாளையம் பள்ளி குழந்தைகளுக்கு கல்வி உபகரணங்கள் மற்றும் உணவு வழங்குதல்	கரூர் மாவட்ட மகளிர் அணி
134	08.06.2025	காலை 9.00 மணி	அன்புகரங்கள் இல்லம்	வெண்ணெய்மலை அன்புகரங்கள் இல்லத்தில் மதிய உணவு வழங்குதல்	கரூர் மாவட்ட பொறியாளர் அணி
135	09.06.2025	காலை 9.00 மணி	NSK நகர் வெங்கமேடு	NSK நகர் பழத்தோட்டத்தில் மக்களுக்கு அறுசுவை உணவு வழங்குதல்	கரூர் வடக்கு பகுதி கழகம்
